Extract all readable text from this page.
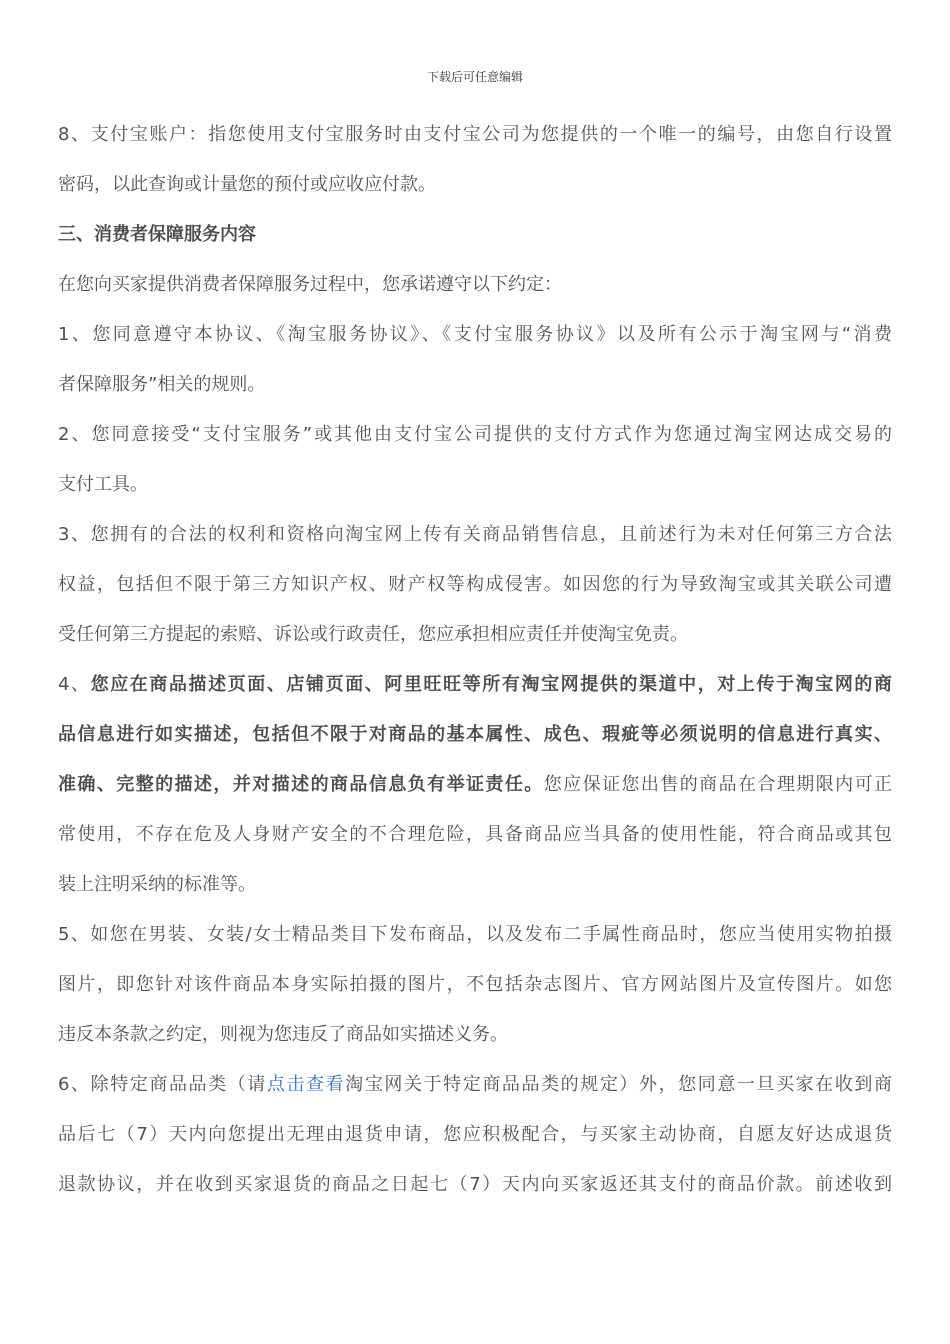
下载后可任意编辑
8、支付宝账户：指您使用支付宝服务时由支付宝公司为您提供的一个唯一的编号，由您自行设置
密码，以此查询或计量您的预付或应收应付款。
三、消费者保障服务内容
在您向买家提供消费者保障服务过程中，您承诺遵守以下约定：
1、您同意遵守本协议、《淘宝服务协议》、《支付宝服务协议》以及所有公示于淘宝网与“消费
者保障服务”相关的规则。
2、您同意接受“支付宝服务”或其他由支付宝公司提供的支付方式作为您通过淘宝网达成交易的
支付工具。
3、您拥有的合法的权利和资格向淘宝网上传有关商品销售信息，且前述行为未对任何第三方合法
权益，包括但不限于第三方知识产权、财产权等构成侵害。如因您的行为导致淘宝或其关联公司遭
受任何第三方提起的索赔、诉讼或行政责任，您应承担相应责任并使淘宝免责。
4、您应在商品描述页面、店铺页面、阿里旺旺等所有淘宝网提供的渠道中，对上传于淘宝网的商
品信息进行如实描述，包括但不限于对商品的基本属性、成色、瑕疵等必须说明的信息进行真实、
准确、完整的描述，并对描述的商品信息负有举证责任。您应保证您出售的商品在合理期限内可正
常使用，不存在危及人身财产安全的不合理危险，具备商品应当具备的使用性能，符合商品或其包
装上注明采纳的标准等。
5、如您在男装、女装/女士精品类目下发布商品，以及发布二手属性商品时，您应当使用实物拍摄
图片，即您针对该件商品本身实际拍摄的图片，不包括杂志图片、官方网站图片及宣传图片。如您
违反本条款之约定，则视为您违反了商品如实描述义务。
6、除特定商品品类（请点击查看淘宝网关于特定商品品类的规定）外，您同意一旦买家在收到商
品后七（7）天内向您提出无理由退货申请，您应积极配合，与买家主动协商，自愿友好达成退货
退款协议，并在收到买家退货的商品之日起七（7）天内向买家返还其支付的商品价款。前述收到
